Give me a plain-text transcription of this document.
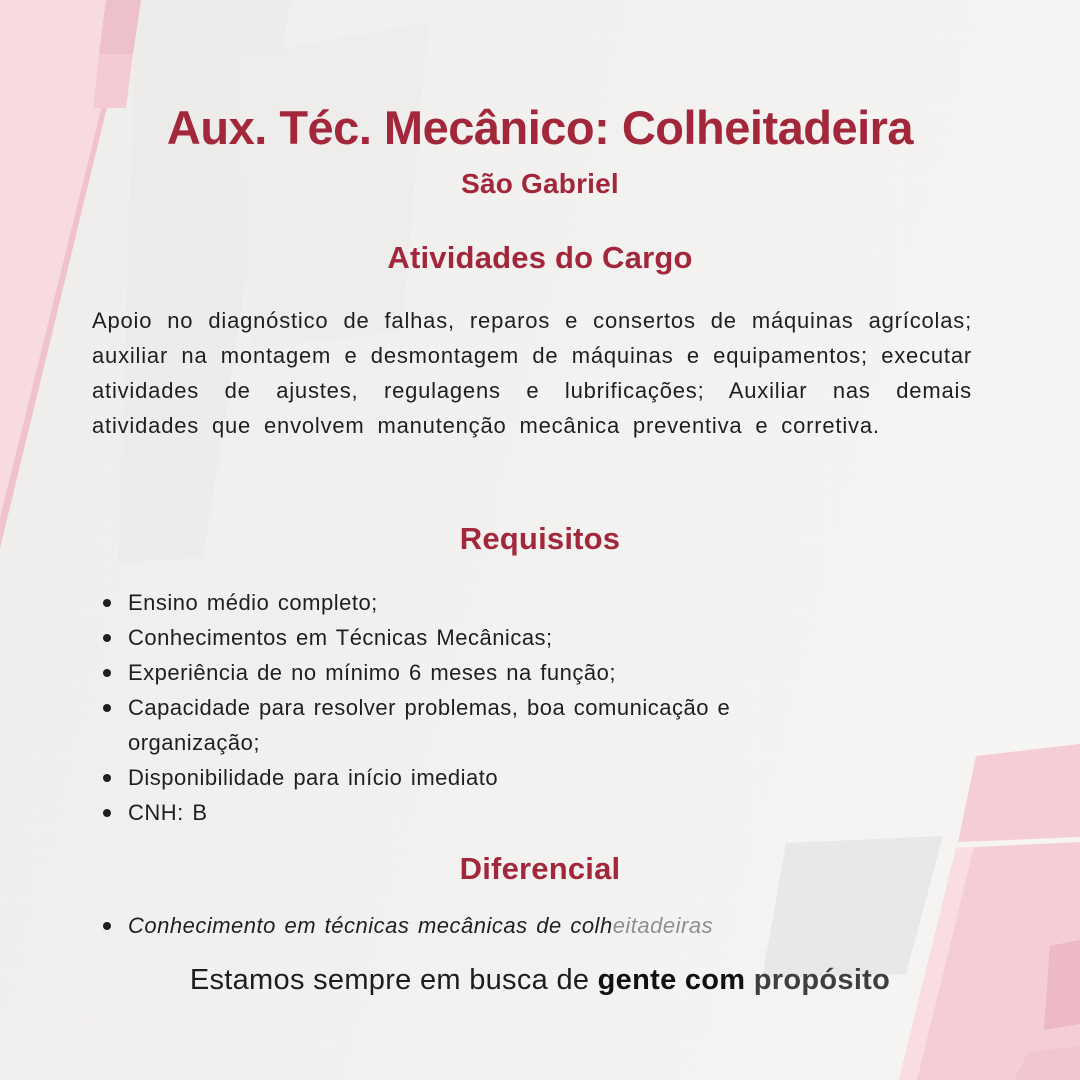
Aux. Téc. Mecânico: Colheitadeira
São Gabriel
Atividades do Cargo

Apoio no diagnóstico de falhas, reparos e consertos de máquinas agrícolas; auxiliar na montagem e desmontagem de máquinas e equipamentos; executar atividades de ajustes, regulagens e lubrificações; Auxiliar nas demais atividades que envolvem manutenção mecânica preventiva e corretiva.

Requisitos
Ensino médio completo;
Conhecimentos em Técnicas Mecânicas;
Experiência de no mínimo 6 meses na função;
Capacidade para resolver problemas, boa comunicação e organização;
Disponibilidade para início imediato
CNH: B
Diferencial
Conhecimento em técnicas mecânicas de colheitadeiras
Estamos sempre em busca de gente com propósito
